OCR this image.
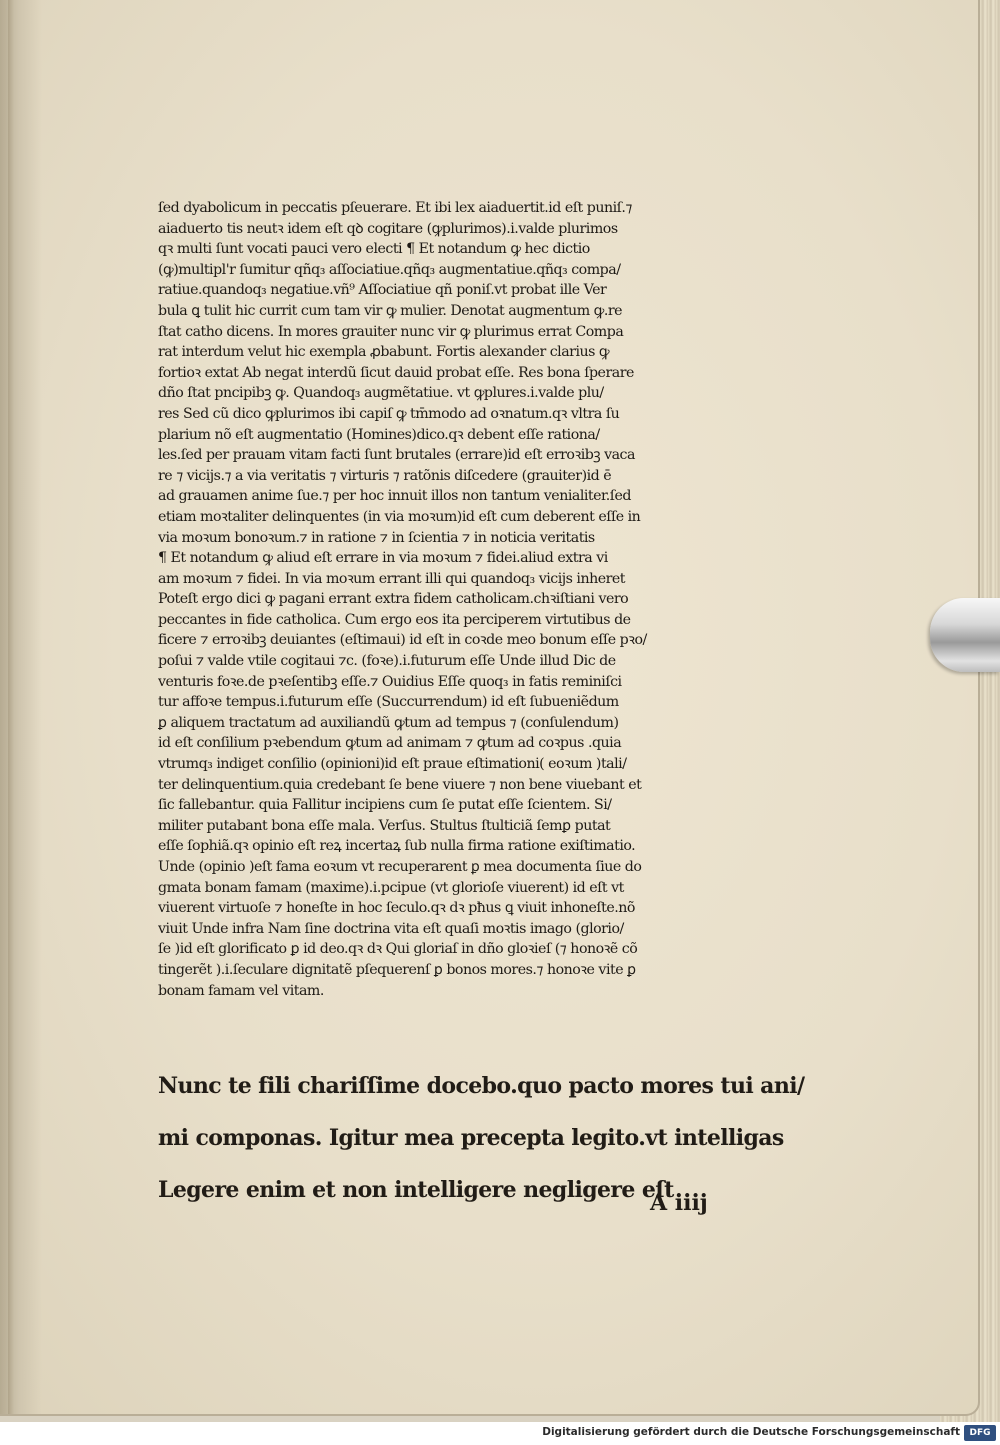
ſed dyabolicum in peccatis pſeuerare. Et ibi lex aiaduertit.id eſt puniſ.⁊
aiaduerto tis neutꝛ idem eſt qꝺ cogitare (ꝙplurimos).i.valde plurimos
qꝛ multi ſunt vocati pauci vero electi ¶ Et notandum ꝙ hec dictio
(ꝙ)multipl'r ſumitur qñq₃ aſſociatiue.qñq₃ augmentatiue.qñq₃ compa/
ratiue.quandoq₃ negatiue.vñ⁹ Aſſociatiue qñ poniſ.vt probat ille Ver
bula ꝗ tulit hic currit cum tam vir ꝙ mulier. Denotat augmentum ꝙ.re
ſtat catho dicens. In mores grauiter nunc vir ꝙ plurimus errat Compa
rat interdum velut hic exempla ꝓbabunt. Fortis alexander clarius ꝙ
fortioꝛ extat Ab negat interdũ ſicut dauid probat eſſe. Res bona ſperare
dño ſtat pncipibꝫ ꝙ. Quandoq₃ augmẽtatiue. vt ꝙplures.i.valde plu/
res Sed cũ dico ꝙplurimos ibi capiſ ꝙ tm̄modo ad oꝛnatum.qꝛ vltra ſu
plarium nõ eſt augmentatio (Homines)dico.qꝛ debent eſſe rationa/
les.ſed per prauam vitam facti ſunt brutales (errare)id eſt erroꝛibꝫ vaca
re ⁊ vicijs.⁊ a via veritatis ⁊ virturis ⁊ ratõnis diſcedere (grauiter)id ē
ad grauamen anime ſue.⁊ per hoc innuit illos non tantum venialiter.ſed
etiam moꝛtaliter delinquentes (in via moꝛum)id eſt cum deberent eſſe in
via moꝛum bonoꝛum.⁊ in ratione ⁊ in ſcientia ⁊ in noticia veritatis
¶ Et notandum ꝙ aliud eſt errare in via moꝛum ⁊ fidei.aliud extra vi
am moꝛum ⁊ fidei. In via moꝛum errant illi qui quandoq₃ vicijs inheret
Poteſt ergo dici ꝙ pagani errant extra fidem catholicam.chꝛiſtiani vero
peccantes in fide catholica. Cum ergo eos ita perciperem virtutibus de
ficere ⁊ erroꝛibꝫ deuiantes (eſtimaui) id eſt in coꝛde meo bonum eſſe pꝛo/
poſui ⁊ valde vtile cogitaui ⁊c. (foꝛe).i.futurum eſſe Unde illud Dic de
venturis foꝛe.de pꝛeſentibꝫ eſſe.⁊ Ouidius Eſſe quoq₃ in fatis reminiſci
tur affoꝛe tempus.i.futurum eſſe (Succurrendum) id eſt ſubueniẽdum
ꝑ aliquem tractatum ad auxiliandũ ꝙtum ad tempus ⁊ (conſulendum)
id eſt conſilium pꝛebendum ꝙtum ad animam ⁊ ꝙtum ad coꝛpus .quia
vtrumq₃ indiget conſilio (opinioni)id eſt praue eſtimationi( eoꝛum )tali/
ter delinquentium.quia credebant ſe bene viuere ⁊ non bene viuebant et
ſic fallebantur. quia Fallitur incipiens cum ſe putat eſſe ſcientem. Si/
militer putabant bona eſſe mala. Verſus. Stultus ſtulticiã ſemꝑ putat
eſſe ſophiã.qꝛ opinio eſt reꝝ incertaꝝ ſub nulla firma ratione exiſtimatio.
Unde (opinio )eſt fama eoꝛum vt recuperarent ꝑ mea documenta ſiue do
gmata bonam famam (maxime).i.pcipue (vt glorioſe viuerent) id eſt vt
viuerent virtuoſe ⁊ honeſte in hoc ſeculo.qꝛ dꝛ pħus ꝗ viuit inhoneſte.nõ
viuit Unde infra Nam ſine doctrina vita eſt quaſi moꝛtis imago (glorio/
ſe )id eſt glorificato ꝑ id deo.qꝛ dꝛ Qui gloriaſ in dño gloꝛieſ (⁊ honoꝛẽ cõ
tingerẽt ).i.ſeculare dignitatẽ pſequerenſ ꝑ bonos mores.⁊ honoꝛe vite ꝑ
bonam famam vel vitam.
Nunc te fili chariſſime docebo.quo pacto mores tui ani/
mi componas. Igitur mea precepta legito.vt intelligas
Legere enim et non intelligere negligere eſt
A iiij
Digitalisierung gefördert durch die Deutsche Forschungsgemeinschaft	DFG
